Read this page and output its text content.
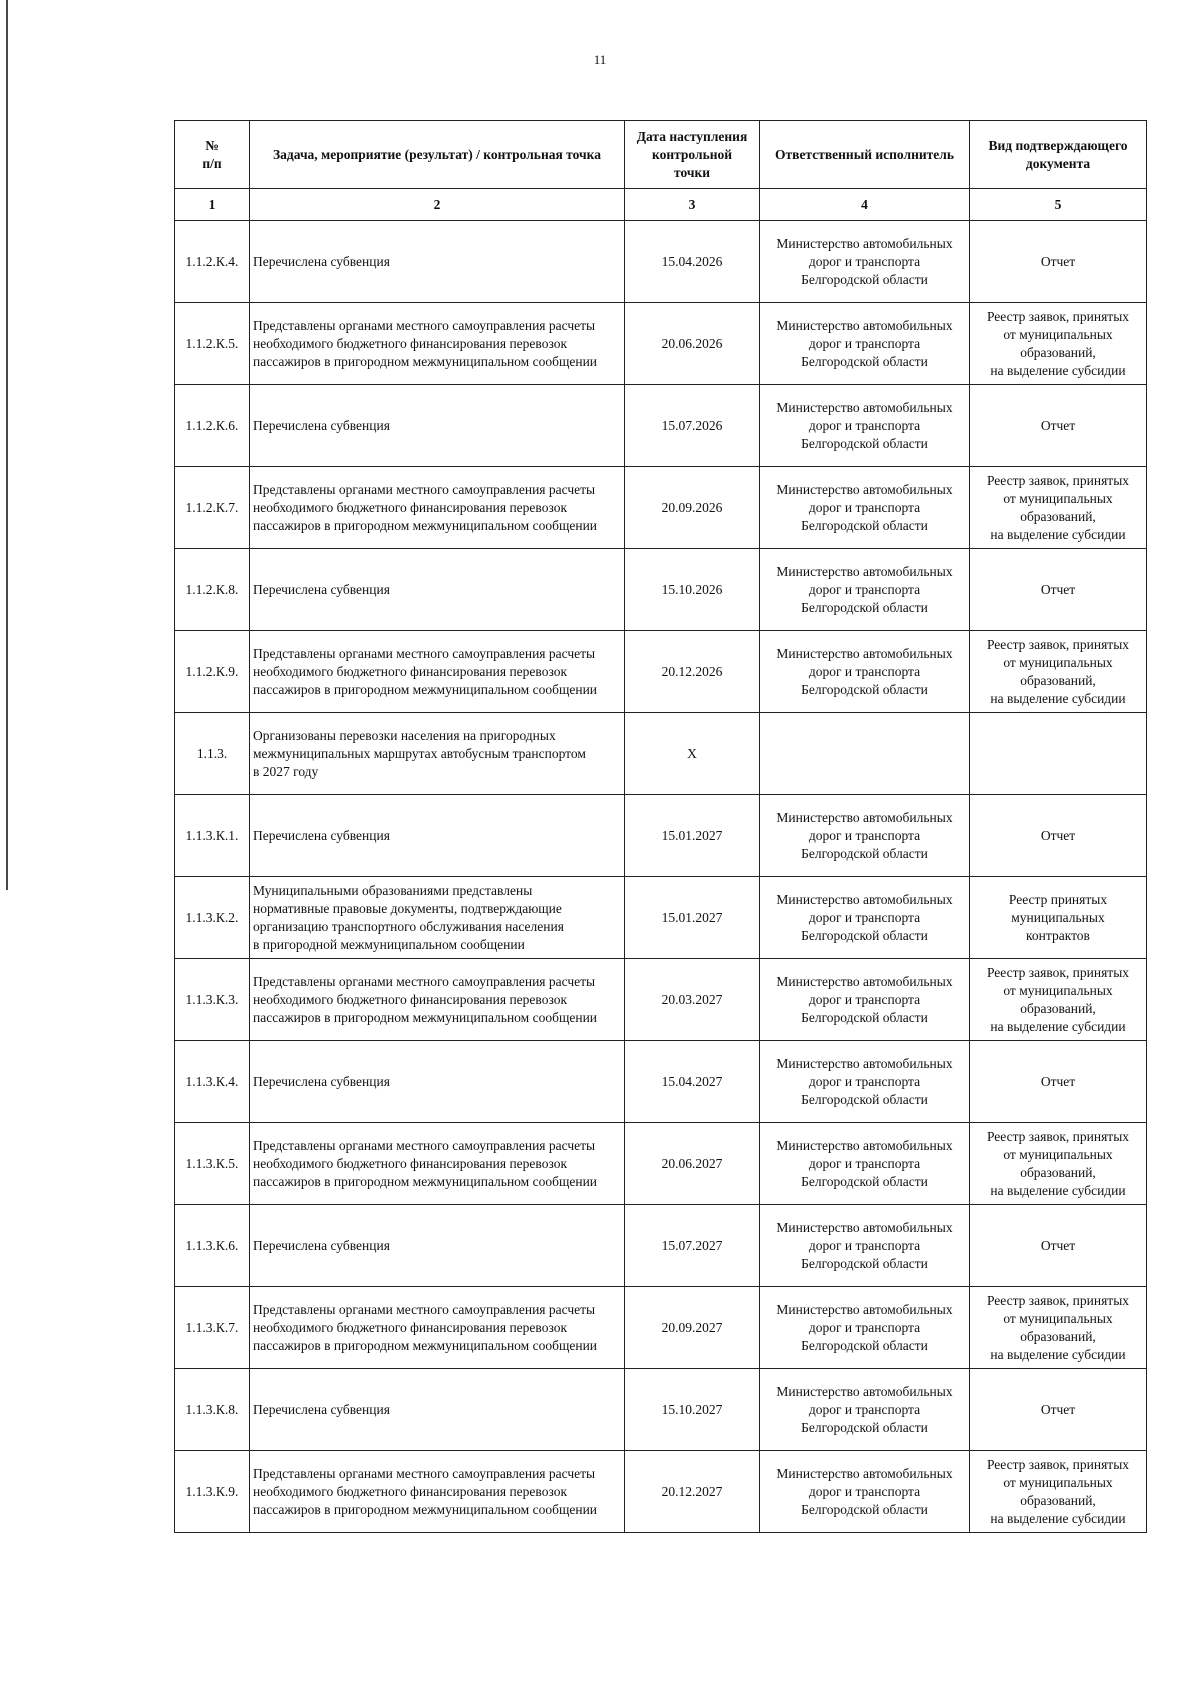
11
№
п/п	Задача, мероприятие (результат) / контрольная точка	Дата наступления
контрольной
точки	Ответственный исполнитель	Вид подтверждающего
документа
1	2	3	4	5
1.1.2.К.4.	Перечислена субвенция	15.04.2026	Министерство автомобильных
дорог и транспорта
Белгородской области	Отчет
1.1.2.К.5.	Представлены органами местного самоуправления расчеты
необходимого бюджетного финансирования перевозок
пассажиров в пригородном межмуниципальном сообщении	20.06.2026	Министерство автомобильных
дорог и транспорта
Белгородской области	Реестр заявок, принятых
от муниципальных
образований,
на выделение субсидии
1.1.2.К.6.	Перечислена субвенция	15.07.2026	Министерство автомобильных
дорог и транспорта
Белгородской области	Отчет
1.1.2.К.7.	Представлены органами местного самоуправления расчеты
необходимого бюджетного финансирования перевозок
пассажиров в пригородном межмуниципальном сообщении	20.09.2026	Министерство автомобильных
дорог и транспорта
Белгородской области	Реестр заявок, принятых
от муниципальных
образований,
на выделение субсидии
1.1.2.К.8.	Перечислена субвенция	15.10.2026	Министерство автомобильных
дорог и транспорта
Белгородской области	Отчет
1.1.2.К.9.	Представлены органами местного самоуправления расчеты
необходимого бюджетного финансирования перевозок
пассажиров в пригородном межмуниципальном сообщении	20.12.2026	Министерство автомобильных
дорог и транспорта
Белгородской области	Реестр заявок, принятых
от муниципальных
образований,
на выделение субсидии
1.1.3.	Организованы перевозки населения на пригородных
межмуниципальных маршрутах автобусным транспортом
в 2027 году	X		
1.1.3.К.1.	Перечислена субвенция	15.01.2027	Министерство автомобильных
дорог и транспорта
Белгородской области	Отчет
1.1.3.К.2.	Муниципальными образованиями представлены
нормативные правовые документы, подтверждающие
организацию транспортного обслуживания населения
в пригородной межмуниципальном сообщении	15.01.2027	Министерство автомобильных
дорог и транспорта
Белгородской области	Реестр принятых
муниципальных
контрактов
1.1.3.К.3.	Представлены органами местного самоуправления расчеты
необходимого бюджетного финансирования перевозок
пассажиров в пригородном межмуниципальном сообщении	20.03.2027	Министерство автомобильных
дорог и транспорта
Белгородской области	Реестр заявок, принятых
от муниципальных
образований,
на выделение субсидии
1.1.3.К.4.	Перечислена субвенция	15.04.2027	Министерство автомобильных
дорог и транспорта
Белгородской области	Отчет
1.1.3.К.5.	Представлены органами местного самоуправления расчеты
необходимого бюджетного финансирования перевозок
пассажиров в пригородном межмуниципальном сообщении	20.06.2027	Министерство автомобильных
дорог и транспорта
Белгородской области	Реестр заявок, принятых
от муниципальных
образований,
на выделение субсидии
1.1.3.К.6.	Перечислена субвенция	15.07.2027	Министерство автомобильных
дорог и транспорта
Белгородской области	Отчет
1.1.3.К.7.	Представлены органами местного самоуправления расчеты
необходимого бюджетного финансирования перевозок
пассажиров в пригородном межмуниципальном сообщении	20.09.2027	Министерство автомобильных
дорог и транспорта
Белгородской области	Реестр заявок, принятых
от муниципальных
образований,
на выделение субсидии
1.1.3.К.8.	Перечислена субвенция	15.10.2027	Министерство автомобильных
дорог и транспорта
Белгородской области	Отчет
1.1.3.К.9.	Представлены органами местного самоуправления расчеты
необходимого бюджетного финансирования перевозок
пассажиров в пригородном межмуниципальном сообщении	20.12.2027	Министерство автомобильных
дорог и транспорта
Белгородской области	Реестр заявок, принятых
от муниципальных
образований,
на выделение субсидии
